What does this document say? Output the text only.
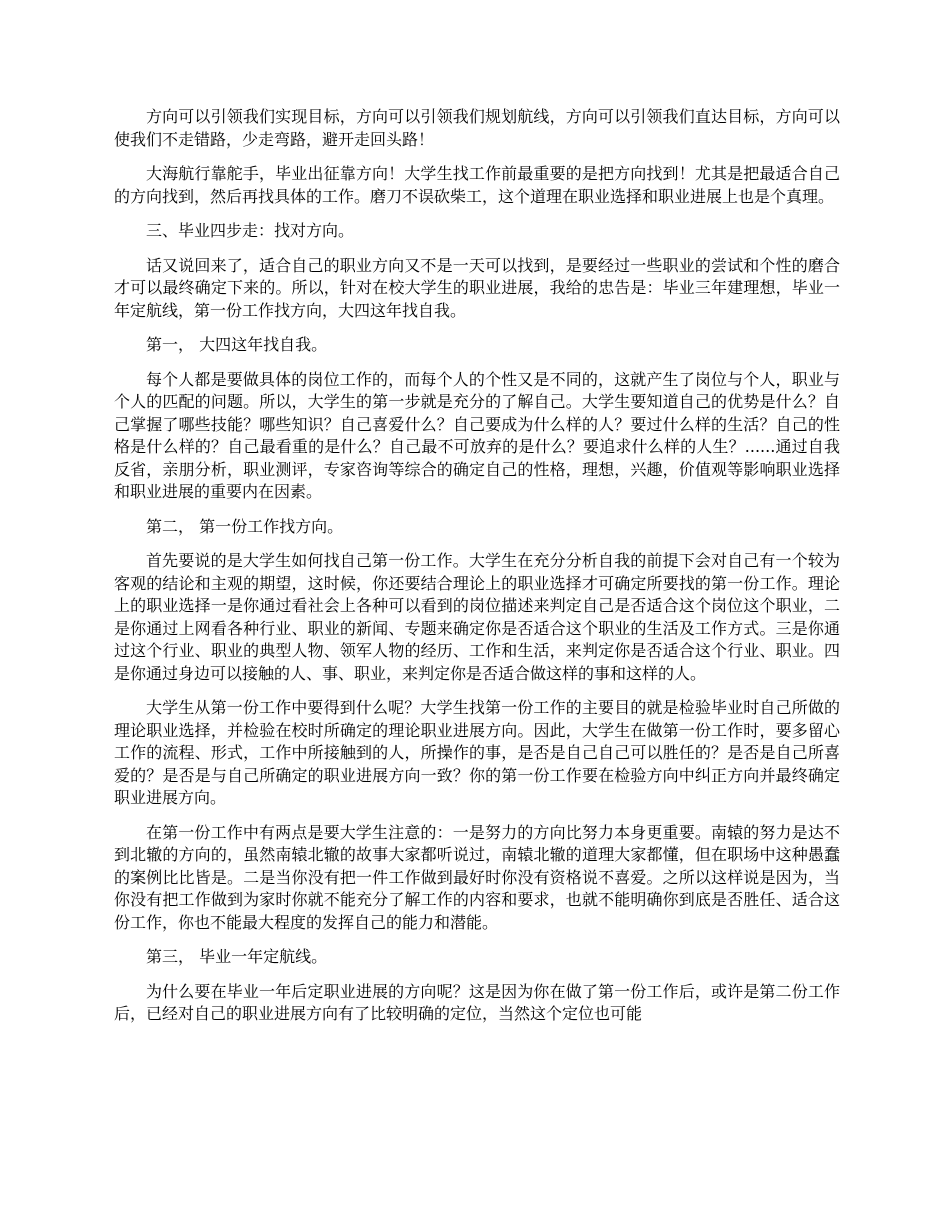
方向可以引领我们实现目标，方向可以引领我们规划航线，方向可以引领我们直达目标，方向可以使我们不走错路，少走弯路，避开走回头路！

大海航行靠舵手，毕业出征靠方向！大学生找工作前最重要的是把方向找到！尤其是把最适合自己的方向找到，然后再找具体的工作。磨刀不误砍柴工，这个道理在职业选择和职业进展上也是个真理。

三、毕业四步走：找对方向。

话又说回来了，适合自己的职业方向又不是一天可以找到，是要经过一些职业的尝试和个性的磨合才可以最终确定下来的。所以，针对在校大学生的职业进展，我给的忠告是：毕业三年建理想，毕业一年定航线，第一份工作找方向，大四这年找自我。

第一， 大四这年找自我。

每个人都是要做具体的岗位工作的，而每个人的个性又是不同的，这就产生了岗位与个人，职业与个人的匹配的问题。所以，大学生的第一步就是充分的了解自己。大学生要知道自己的优势是什么？自己掌握了哪些技能？哪些知识？自己喜爱什么？自己要成为什么样的人？要过什么样的生活？自己的性格是什么样的？自己最看重的是什么？自己最不可放弃的是什么？要追求什么样的人生？......通过自我反省，亲朋分析，职业测评，专家咨询等综合的确定自己的性格，理想，兴趣，价值观等影响职业选择和职业进展的重要内在因素。

第二， 第一份工作找方向。

首先要说的是大学生如何找自己第一份工作。大学生在充分分析自我的前提下会对自己有一个较为客观的结论和主观的期望，这时候，你还要结合理论上的职业选择才可确定所要找的第一份工作。理论上的职业选择一是你通过看社会上各种可以看到的岗位描述来判定自己是否适合这个岗位这个职业，二是你通过上网看各种行业、职业的新闻、专题来确定你是否适合这个职业的生活及工作方式。三是你通过这个行业、职业的典型人物、领军人物的经历、工作和生活，来判定你是否适合这个行业、职业。四是你通过身边可以接触的人、事、职业，来判定你是否适合做这样的事和这样的人。

大学生从第一份工作中要得到什么呢？大学生找第一份工作的主要目的就是检验毕业时自己所做的理论职业选择，并检验在校时所确定的理论职业进展方向。因此，大学生在做第一份工作时，要多留心工作的流程、形式，工作中所接触到的人，所操作的事，是否是自己自己可以胜任的？是否是自己所喜爱的？是否是与自己所确定的职业进展方向一致？你的第一份工作要在检验方向中纠正方向并最终确定职业进展方向。

在第一份工作中有两点是要大学生注意的：一是努力的方向比努力本身更重要。南辕的努力是达不到北辙的方向的，虽然南辕北辙的故事大家都听说过，南辕北辙的道理大家都懂，但在职场中这种愚蠢的案例比比皆是。二是当你没有把一件工作做到最好时你没有资格说不喜爱。之所以这样说是因为，当你没有把工作做到为家时你就不能充分了解工作的内容和要求，也就不能明确你到底是否胜任、适合这份工作，你也不能最大程度的发挥自己的能力和潜能。

第三， 毕业一年定航线。

为什么要在毕业一年后定职业进展的方向呢？这是因为你在做了第一份工作后，或许是第二份工作后，已经对自己的职业进展方向有了比较明确的定位，当然这个定位也可能
